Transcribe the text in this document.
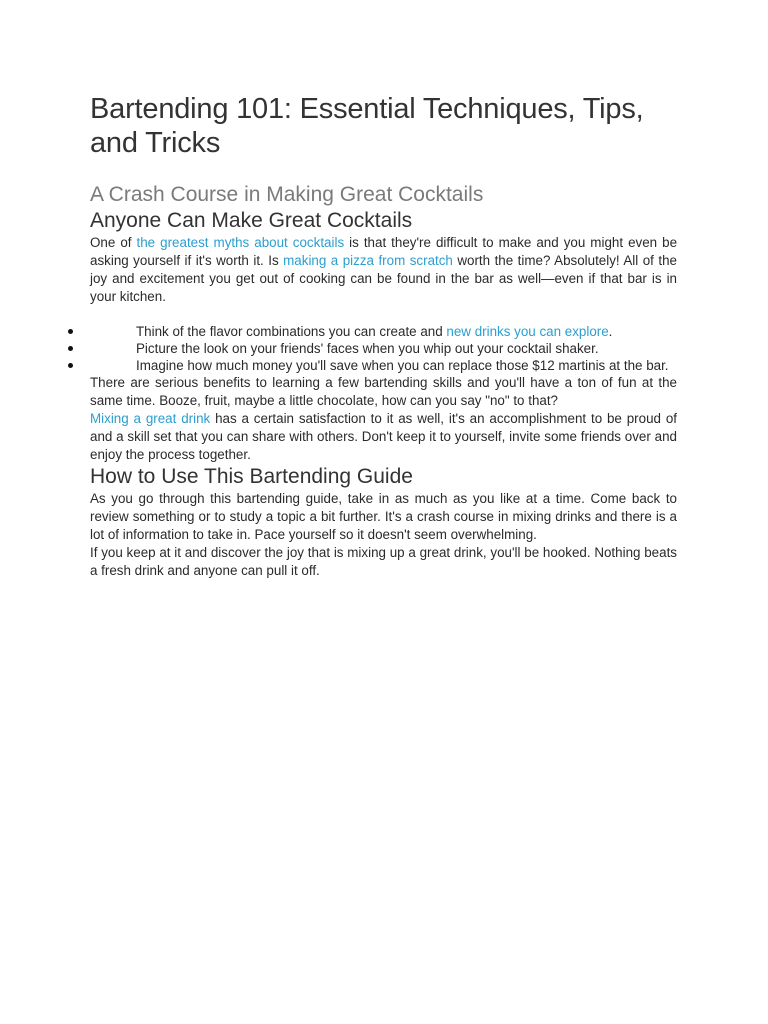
Bartending 101: Essential Techniques, Tips, and Tricks
A Crash Course in Making Great Cocktails
Anyone Can Make Great Cocktails

One of the greatest myths about cocktails is that they're difficult to make and you might even be asking yourself if it's worth it. Is making a pizza from scratch worth the time? Absolutely! All of the joy and excitement you get out of cooking can be found in the bar as well—even if that bar is in your kitchen.

Think of the flavor combinations you can create and new drinks you can explore.
Picture the look on your friends' faces when you whip out your cocktail shaker.
Imagine how much money you'll save when you can replace those $12 martinis at the bar.

There are serious benefits to learning a few bartending skills and you'll have a ton of fun at the same time. Booze, fruit, maybe a little chocolate, how can you say "no" to that?

Mixing a great drink has a certain satisfaction to it as well, it's an accomplishment to be proud of and a skill set that you can share with others. Don't keep it to yourself, invite some friends over and enjoy the process together.

How to Use This Bartending Guide

As you go through this bartending guide, take in as much as you like at a time. Come back to review something or to study a topic a bit further. It's a crash course in mixing drinks and there is a lot of information to take in. Pace yourself so it doesn't seem overwhelming.

If you keep at it and discover the joy that is mixing up a great drink, you'll be hooked. Nothing beats a fresh drink and anyone can pull it off.
